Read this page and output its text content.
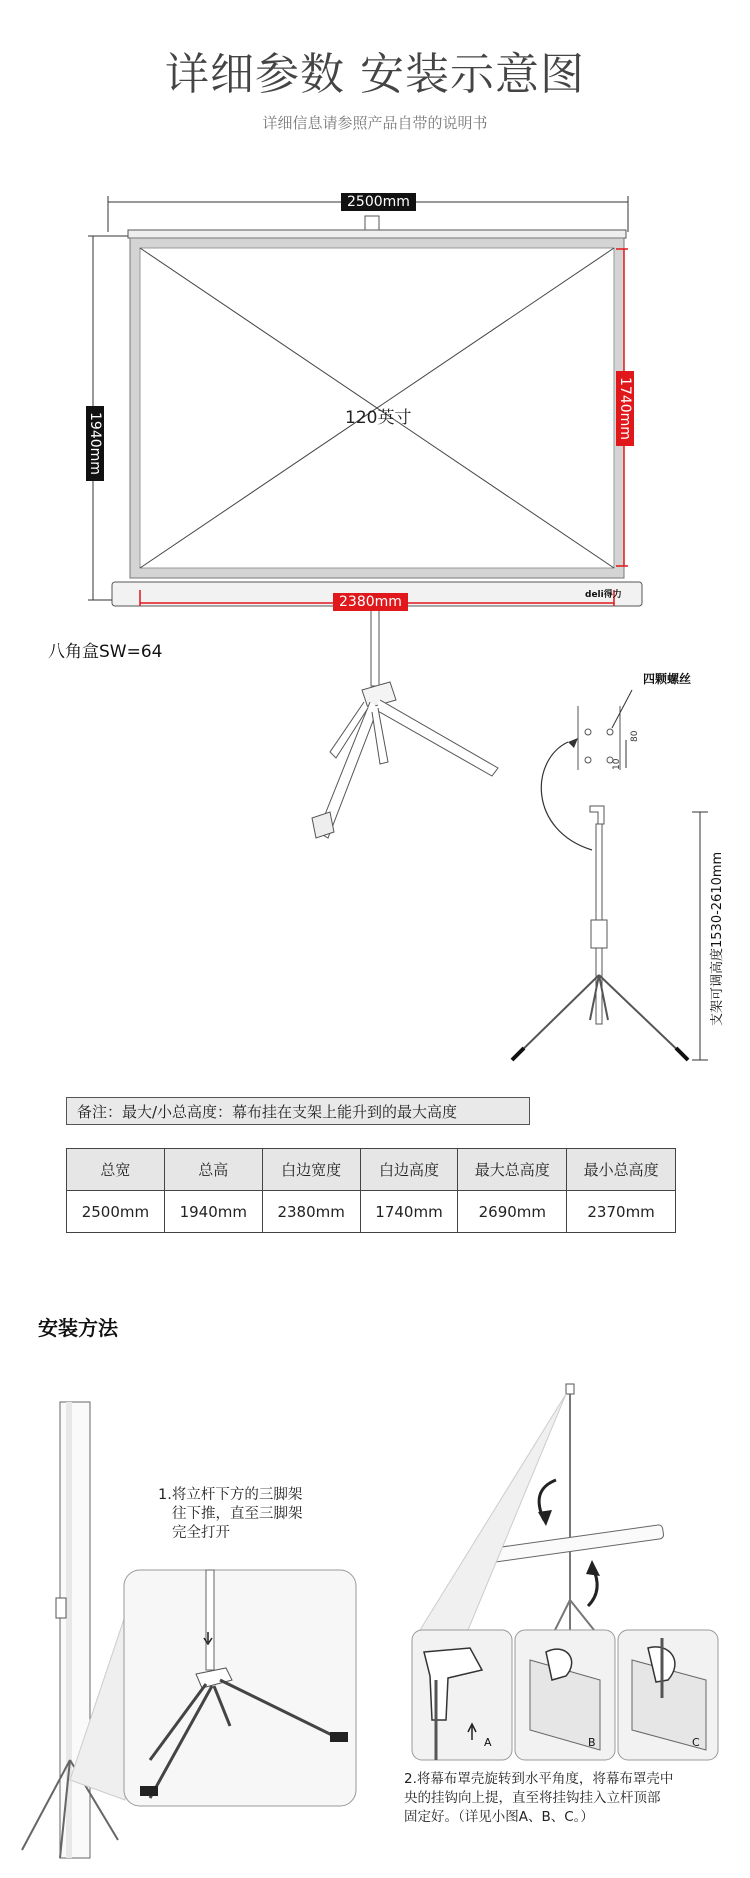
详细参数 安装示意图
详细信息请参照产品自带的说明书
2500mm
1940mm
1740mm
2380mm
120英寸
deli得力
八角盒SW=64
四颗螺丝
80
10
支架可调高度1530-2610mm
备注：最大/小总高度：幕布挂在支架上能升到的最大高度
总宽	总高	白边宽度	白边高度	最大总高度	最小总高度
2500mm	1940mm	2380mm	1740mm	2690mm	2370mm
安装方法
1.将立杆下方的三脚架
往下推，直至三脚架
完全打开
A	B	C
2.将幕布罩壳旋转到水平角度，将幕布罩壳中
央的挂钩向上提，直至将挂钩挂入立杆顶部
固定好。（详见小图A、B、C。）
